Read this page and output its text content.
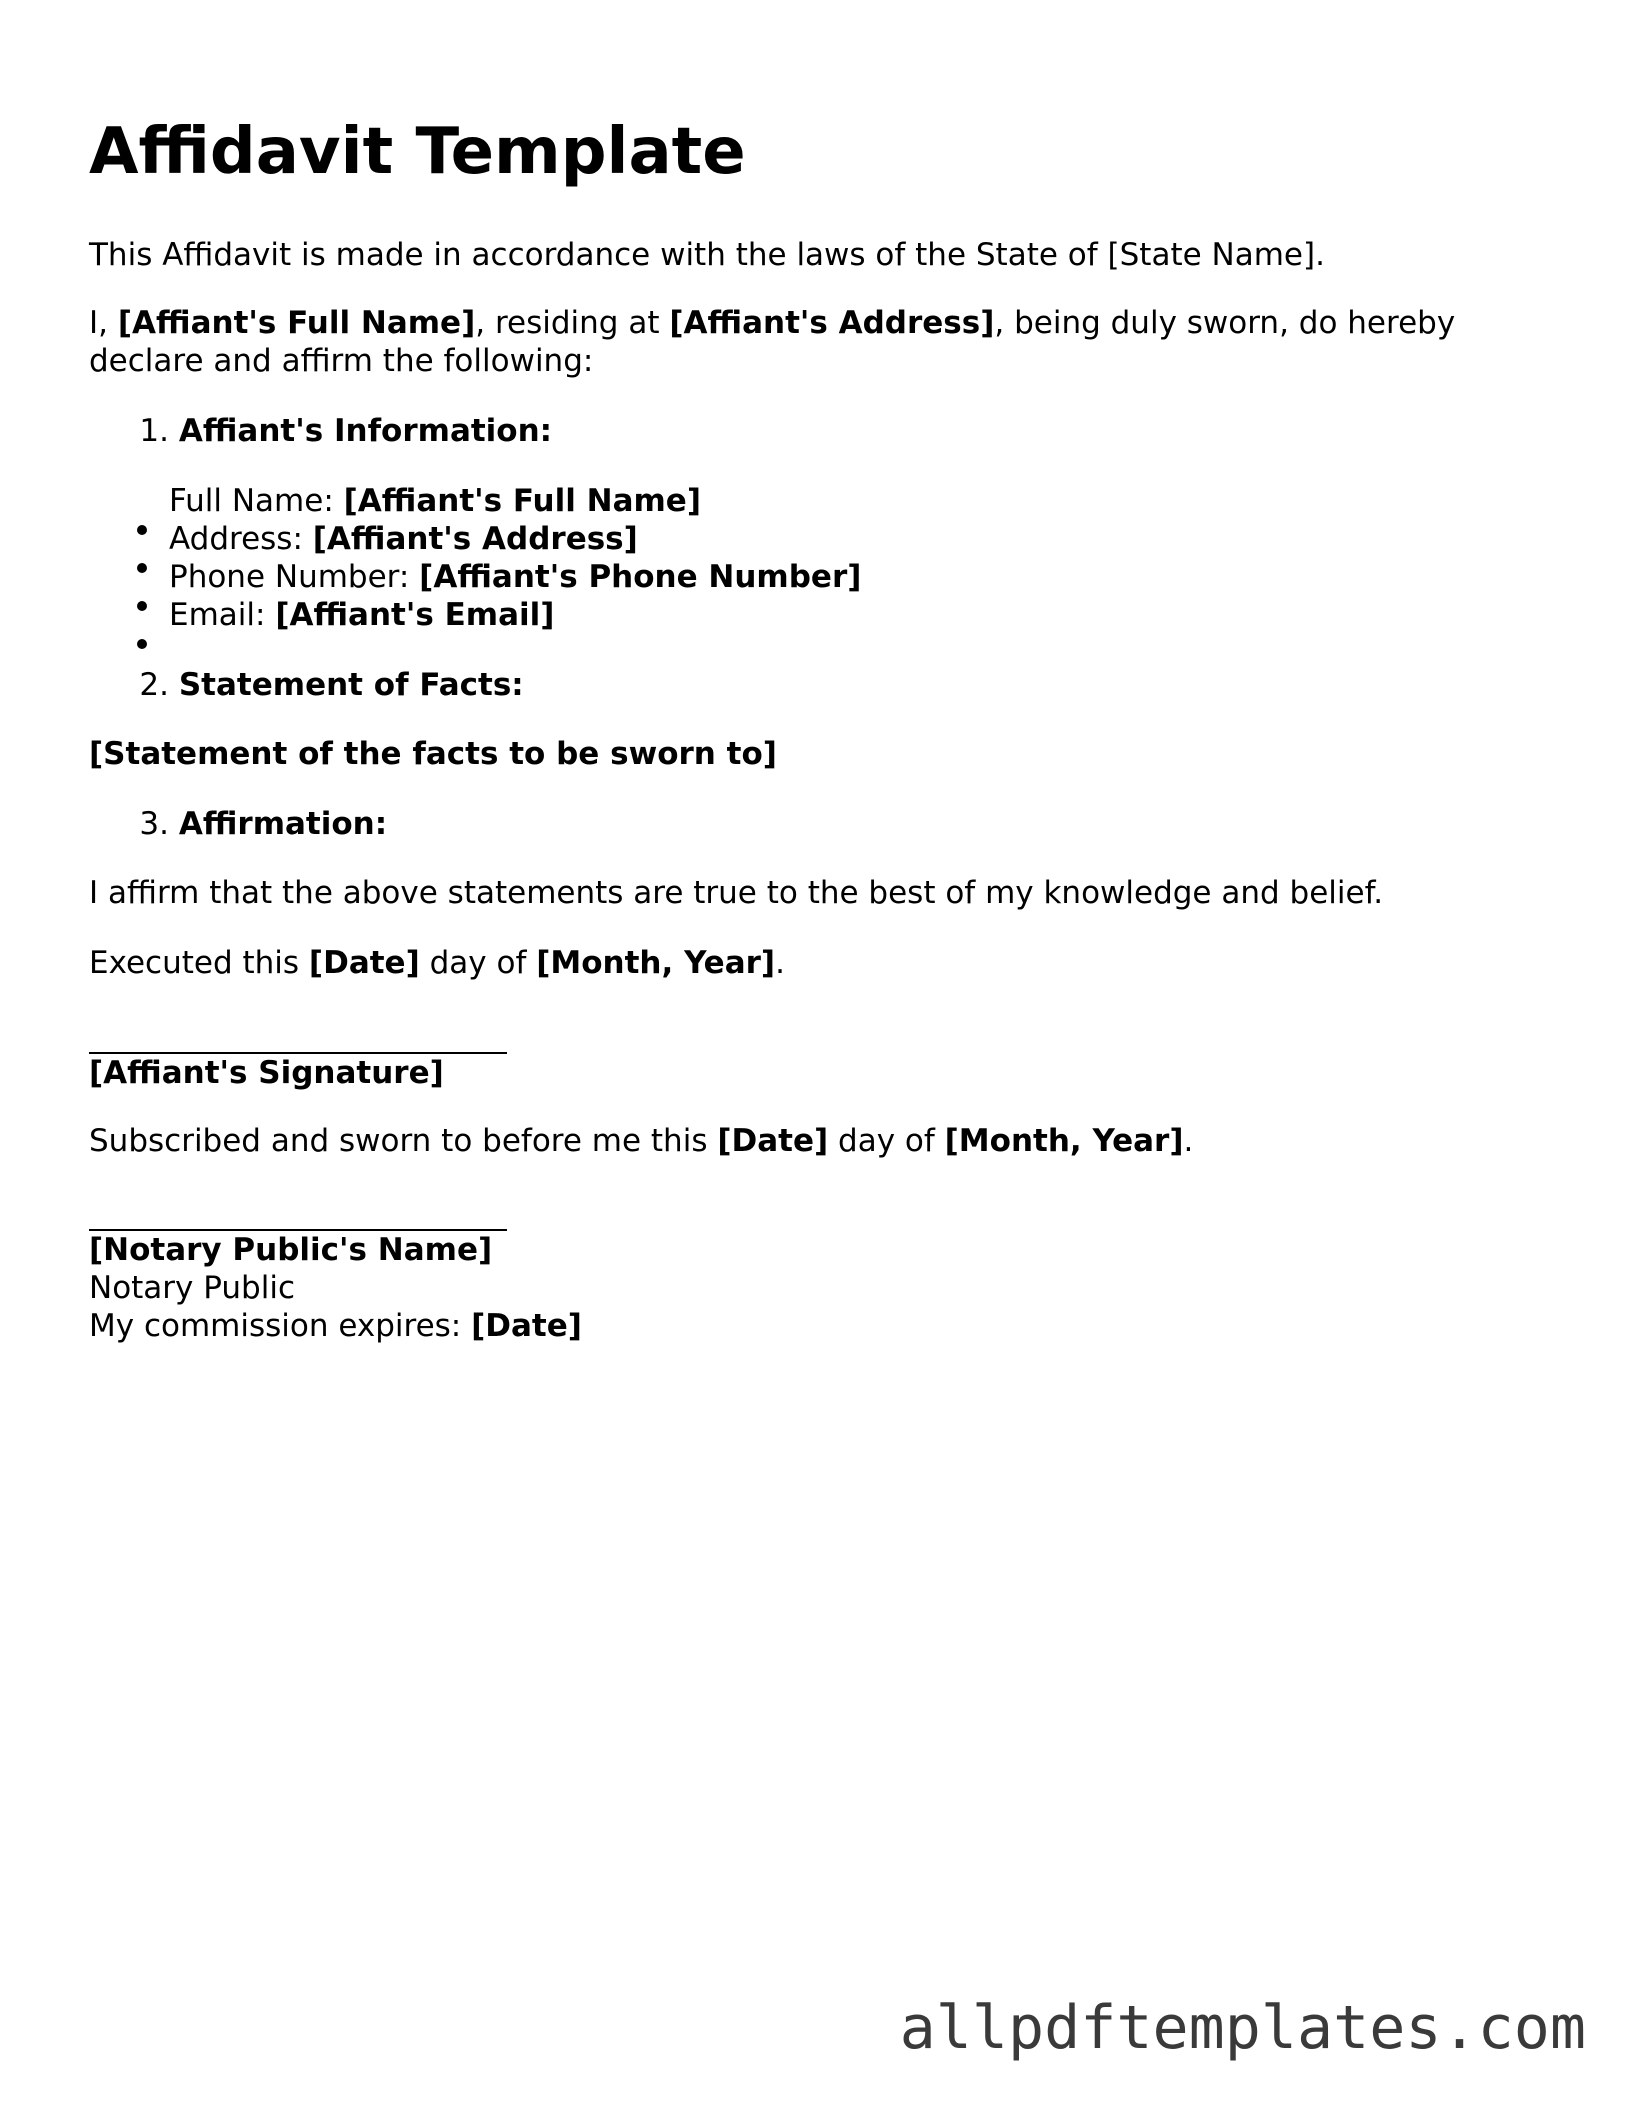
Affidavit Template

This Affidavit is made in accordance with the laws of the State of [State Name].

I, [Affiant's Full Name], residing at [Affiant's Address], being duly sworn, do hereby

declare and affirm the following:

1. Affiant's Information:

Full Name: [Affiant's Full Name]

Address: [Affiant's Address]

Phone Number: [Affiant's Phone Number]

Email: [Affiant's Email]

2. Statement of Facts:

[Statement of the facts to be sworn to]

3. Affirmation:

I affirm that the above statements are true to the best of my knowledge and belief.

Executed this [Date] day of [Month, Year].

[Affiant's Signature]

Subscribed and sworn to before me this [Date] day of [Month, Year].

[Notary Public's Name]

Notary Public

My commission expires: [Date]

allpdftemplates.com
